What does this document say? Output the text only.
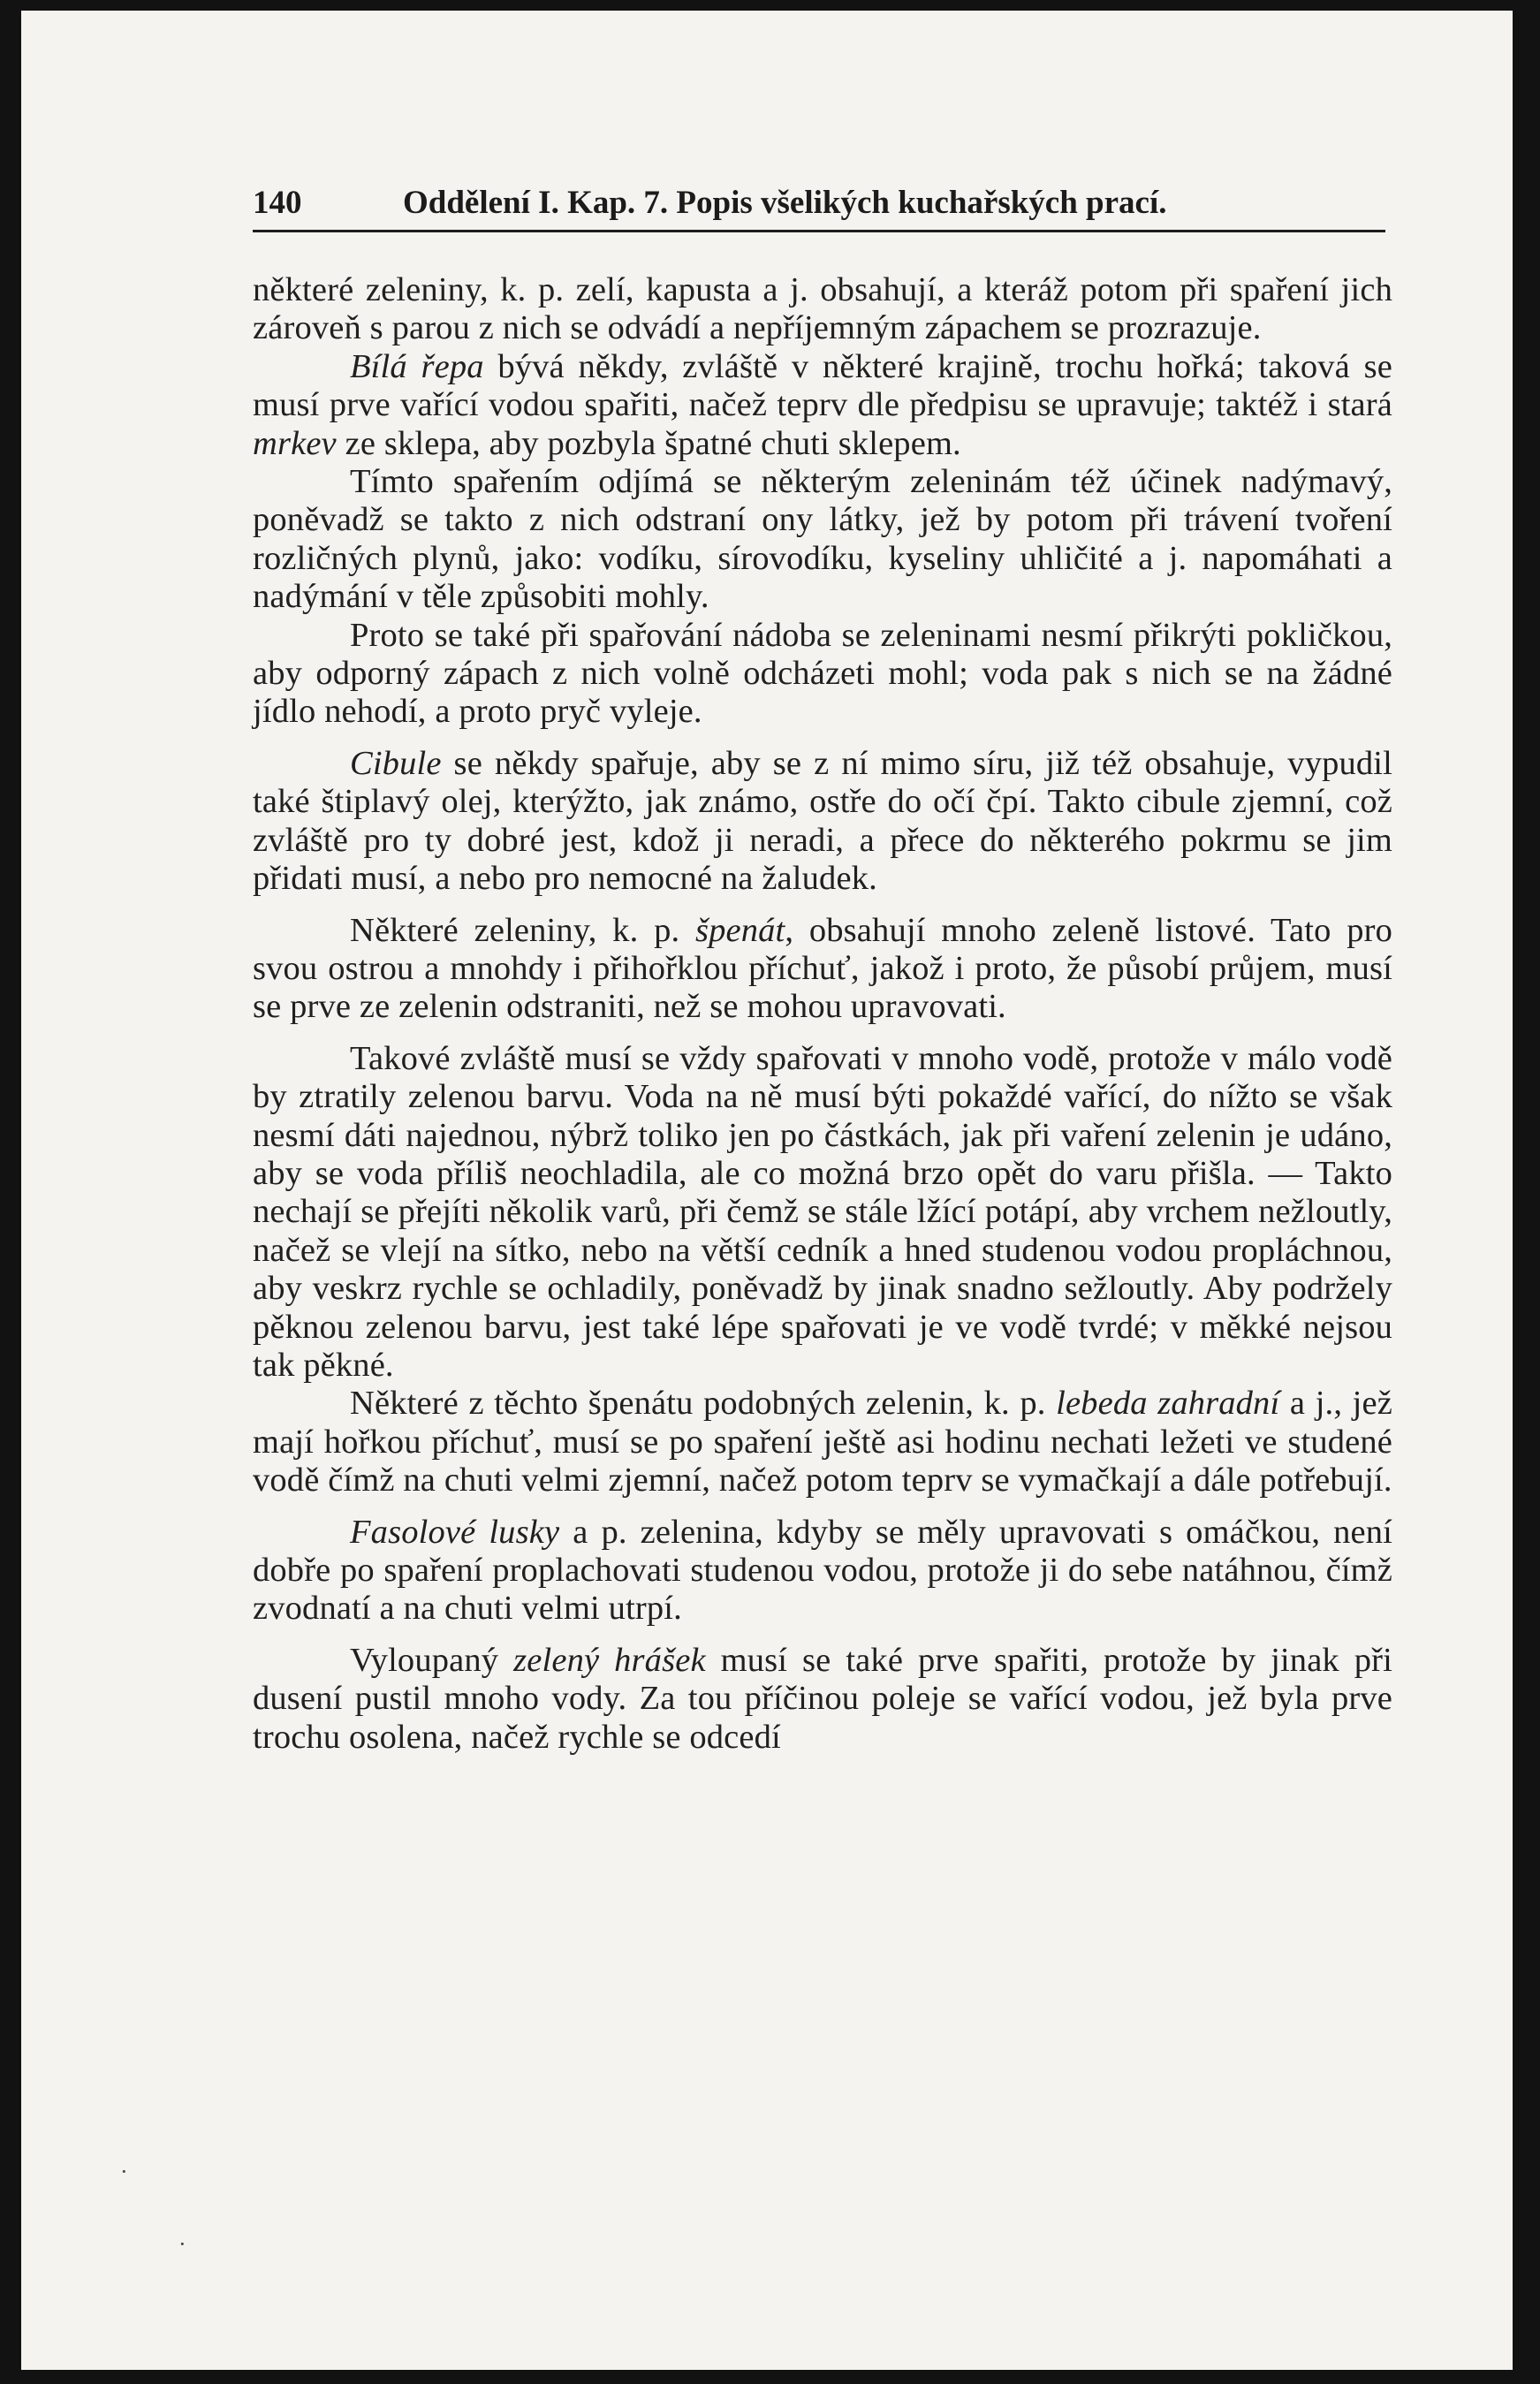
140	Oddělení I. Kap. 7. Popis všelikých kuchařských prací.

některé zeleniny, k. p. zelí, kapusta a j. obsahují, a kteráž potom při spaření jich zároveň s parou z nich se odvádí a nepříjemným zápachem se prozrazuje.

Bílá řepa bývá někdy, zvláště v některé krajině, trochu hořká; taková se musí prve vařící vodou spařiti, načež teprv dle předpisu se upravuje; taktéž i stará mrkev ze sklepa, aby pozbyla špatné chuti sklepem.

Tímto spařením odjímá se některým zeleninám též účinek nadýmavý, poněvadž se takto z nich odstraní ony látky, jež by potom při trávení tvoření rozličných plynů, jako: vodíku, sírovodíku, kyseliny uhličité a j. napomáhati a nadýmání v těle způsobiti mohly.

Proto se také při spařování nádoba se zeleninami nesmí přikrýti pokličkou, aby odporný zápach z nich volně odcházeti mohl; voda pak s nich se na žádné jídlo nehodí, a proto pryč vyleje.

Cibule se někdy spařuje, aby se z ní mimo síru, již též obsahuje, vypudil také štiplavý olej, kterýžto, jak známo, ostře do očí čpí. Takto cibule zjemní, což zvláště pro ty dobré jest, kdož ji neradi, a přece do některého pokrmu se jim přidati musí, a nebo pro nemocné na žaludek.

Některé zeleniny, k. p. špenát, obsahují mnoho zeleně listové. Tato pro svou ostrou a mnohdy i přihořklou příchuť, jakož i proto, že působí průjem, musí se prve ze zelenin odstraniti, než se mohou upravovati.

Takové zvláště musí se vždy spařovati v mnoho vodě, protože v málo vodě by ztratily zelenou barvu. Voda na ně musí býti pokaždé vařící, do nížto se však nesmí dáti najednou, nýbrž toliko jen po částkách, jak při vaření zelenin je udáno, aby se voda příliš neochladila, ale co možná brzo opět do varu přišla. — Takto nechají se přejíti několik varů, při čemž se stále lžící potápí, aby vrchem nežloutly, načež se vlejí na sítko, nebo na větší cedník a hned studenou vodou propláchnou, aby veskrz rychle se ochladily, poněvadž by jinak snadno sežloutly. Aby podržely pěknou zelenou barvu, jest také lépe spařovati je ve vodě tvrdé; v měkké nejsou tak pěkné.

Některé z těchto špenátu podobných zelenin, k. p. lebeda zahradní a j., jež mají hořkou příchuť, musí se po spaření ještě asi hodinu nechati ležeti ve studené vodě čímž na chuti velmi zjemní, načež potom teprv se vymačkají a dále potřebují.

Fasolové lusky a p. zelenina, kdyby se měly upravovati s omáčkou, není dobře po spaření proplachovati studenou vodou, protože ji do sebe natáhnou, čímž zvodnatí a na chuti velmi utrpí.

Vyloupaný zelený hrášek musí se také prve spařiti, protože by jinak při dusení pustil mnoho vody. Za tou příčinou poleje se vařící vodou, jež byla prve trochu osolena, načež rychle se odcedí

·
·
